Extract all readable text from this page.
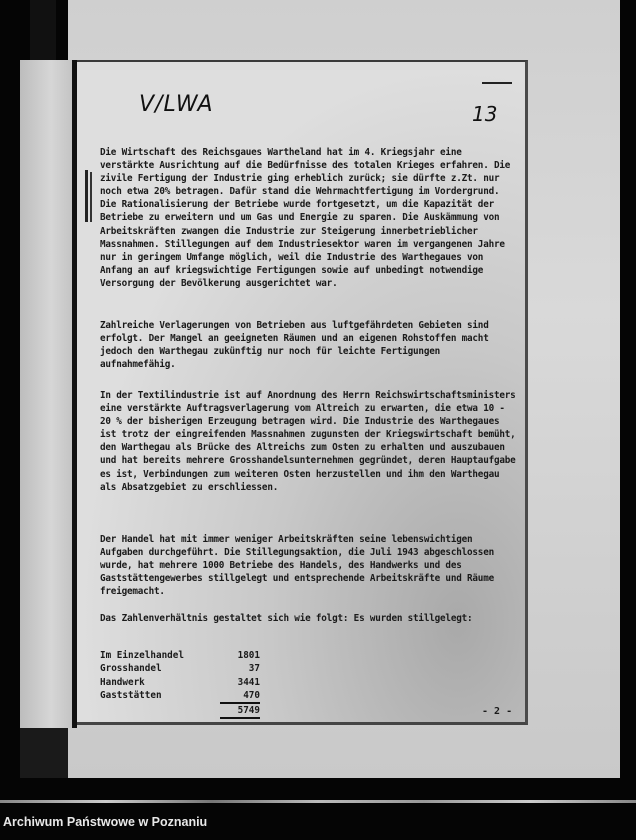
V/LWA	13

Die Wirtschaft des Reichsgaues Wartheland hat im 4. Kriegsjahr eine verstärkte Ausrichtung auf die Bedürfnisse des totalen Krieges erfahren. Die zivile Fertigung der Industrie ging erheblich zurück; sie dürfte z.Zt. nur noch etwa 20% betragen. Dafür stand die Wehrmachtfertigung im Vordergrund. Die Rationalisierung der Betriebe wurde fortgesetzt, um die Kapazität der Betriebe zu erweitern und um Gas und Energie zu sparen. Die Auskämmung von Arbeitskräften zwangen die Industrie zur Steigerung innerbetrieblicher Massnahmen. Stillegungen auf dem Industriesektor waren im vergangenen Jahre nur in geringem Umfange möglich, weil die Industrie des Warthegaues von Anfang an auf kriegswichtige Fertigungen sowie auf unbedingt notwendige Versorgung der Bevölkerung ausgerichtet war.

Zahlreiche Verlagerungen von Betrieben aus luftgefährdeten Gebieten sind erfolgt. Der Mangel an geeigneten Räumen und an eigenen Rohstoffen macht jedoch den Warthegau zukünftig nur noch für leichte Fertigungen aufnahmefähig.

In der Textilindustrie ist auf Anordnung des Herrn Reichswirtschaftsministers eine verstärkte Auftragsverlagerung vom Altreich zu erwarten, die etwa 10 - 20 % der bisherigen Erzeugung betragen wird. Die Industrie des Warthegaues ist trotz der eingreifenden Massnahmen zugunsten der Kriegswirtschaft bemüht, den Warthegau als Brücke des Altreichs zum Osten zu erhalten und auszubauen und hat bereits mehrere Grosshandelsunternehmen gegründet, deren Hauptaufgabe es ist, Verbindungen zum weiteren Osten herzustellen und ihm den Warthegau als Absatzgebiet zu erschliessen.

Der Handel hat mit immer weniger Arbeitskräften seine lebenswichtigen Aufgaben durchgeführt. Die Stillegungsaktion, die Juli 1943 abgeschlossen wurde, hat mehrere 1000 Betriebe des Handels, des Handwerks und des Gaststättengewerbes stillgelegt und entsprechende Arbeitskräfte und Räume freigemacht.

Das Zahlenverhältnis gestaltet sich wie folgt: Es wurden stillgelegt:

Im Einzelhandel	1801
Grosshandel	37
Handwerk	3441
Gaststätten	470
	5749	- 2 -
Archiwum Państwowe w Poznaniu
